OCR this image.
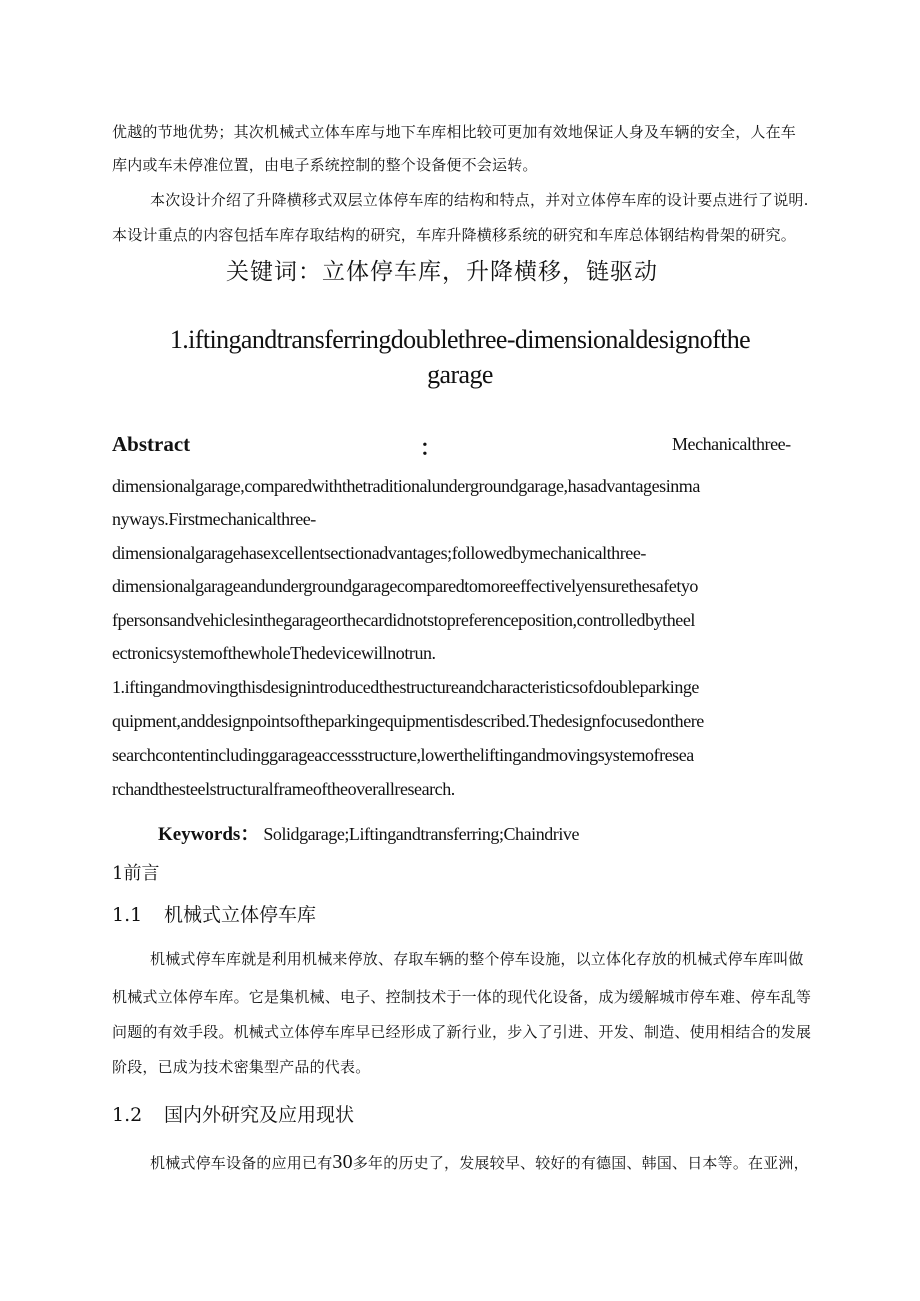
优越的节地优势；其次机械式立体车库与地下车库相比较可更加有效地保证人身及车辆的安全，人在车
库内或车未停准位置，由电子系统控制的整个设备便不会运转。
本次设计介绍了升降横移式双层立体停车库的结构和特点，并对立体停车库的设计要点进行了说明.
本设计重点的内容包括车库存取结构的研究，车库升降横移系统的研究和车库总体钢结构骨架的研究。
关键词：立体停车库，升降横移，链驱动
1.iftingandtransferringdoublethree-dimensionaldesignofthe
garage
Abstract	：	Mechanicalthree-
dimensionalgarage,comparedwiththetraditionalundergroundgarage,hasadvantagesinma
nyways.Firstmechanicalthree-
dimensionalgaragehasexcellentsectionadvantages;followedbymechanicalthree-
dimensionalgarageandundergroundgaragecomparedtomoreeffectivelyensurethesafetyo
fpersonsandvehiclesinthegarageorthecardidnotstopreferenceposition,controlledbytheel
ectronicsystemofthewholeThedevicewillnotrun.
1.iftingandmovingthisdesignintroducedthestructureandcharacteristicsofdoubleparkinge
quipment,anddesignpointsoftheparkingequipmentisdescribed.Thedesignfocusedonthere
searchcontentincludinggarageaccessstructure,lowertheliftingandmovingsystemofresea
rchandthesteelstructuralframeoftheoverallresearch.
Keywords： Solidgarage;Liftingandtransferring;Chaindrive
1前言
1.1 机械式立体停车库
机械式停车库就是利用机械来停放、存取车辆的整个停车设施，以立体化存放的机械式停车库叫做
机械式立体停车库。它是集机械、电子、控制技术于一体的现代化设备，成为缓解城市停车难、停车乱等
问题的有效手段。机械式立体停车库早已经形成了新行业，步入了引进、开发、制造、使用相结合的发展
阶段，已成为技术密集型产品的代表。
1.2 国内外研究及应用现状
机械式停车设备的应用已有30多年的历史了，发展较早、较好的有德国、韩国、日本等。在亚洲，
